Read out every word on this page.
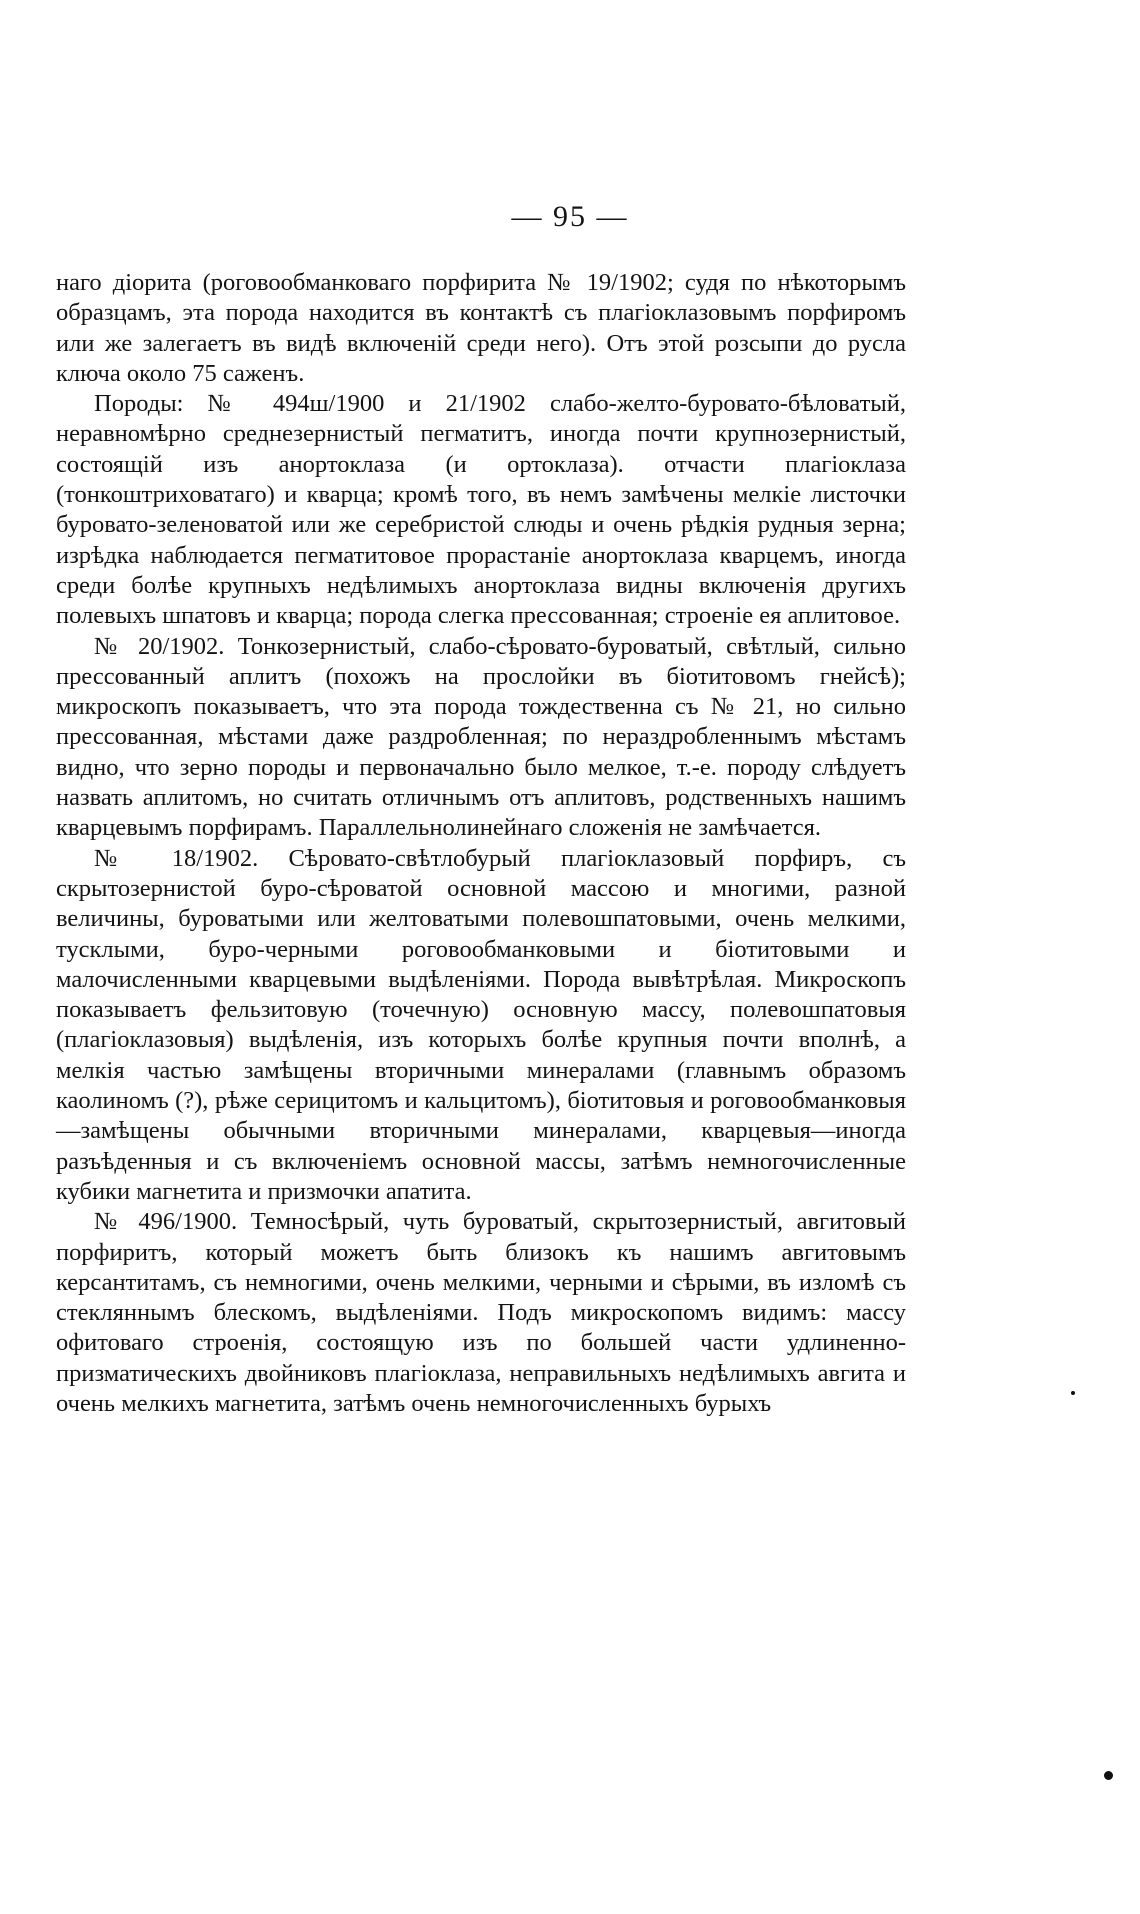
— 95 —

наго діорита (роговообманковаго порфирита № 19/1902; судя по нѣкоторымъ образцамъ, эта порода находится въ контактѣ съ плагіоклазовымъ порфиромъ или же залегаетъ въ видѣ включеній среди него). Отъ этой розсыпи до русла ключа около 75 саженъ.

Породы: № 494ш/1900 и 21/1902 слабо-желто-буровато-бѣловатый, неравномѣрно среднезернистый пегматитъ, иногда почти крупнозернистый, состоящій изъ анортоклаза (и ортоклаза). отчасти плагіоклаза (тонкоштриховатаго) и кварца; кромѣ того, въ немъ замѣчены мелкіе листочки буровато-зеленоватой или же серебристой слюды и очень рѣдкія рудныя зерна; изрѣдка наблюдается пегматитовое прорастаніе анортоклаза кварцемъ, иногда среди болѣе крупныхъ недѣлимыхъ анортоклаза видны включенія другихъ полевыхъ шпатовъ и кварца; порода слегка прессованная; строеніе ея аплитовое.

№ 20/1902. Тонкозернистый, слабо-сѣровато-буроватый, свѣтлый, сильно прессованный аплитъ (похожъ на прослойки въ біотитовомъ гнейсѣ); микроскопъ показываетъ, что эта порода тождественна съ № 21, но сильно прессованная, мѣстами даже раздробленная; по нераздробленнымъ мѣстамъ видно, что зерно породы и первоначально было мелкое, т.-е. породу слѣдуетъ назвать аплитомъ, но считать отличнымъ отъ аплитовъ, родственныхъ нашимъ кварцевымъ порфирамъ. Параллельнолинейнаго сложенія не замѣчается.

№ 18/1902. Сѣровато-свѣтлобурый плагіоклазовый порфиръ, съ скрытозернистой буро-сѣроватой основной массою и многими, разной величины, буроватыми или желтоватыми полевошпатовыми, очень мелкими, тусклыми, буро-черными роговообманковыми и біотитовыми и малочисленными кварцевыми выдѣленіями. Порода вывѣтрѣлая. Микроскопъ показываетъ фельзитовую (точечную) основную массу, полевошпатовыя (плагіоклазовыя) выдѣленія, изъ которыхъ болѣе крупныя почти вполнѣ, а мелкія частью замѣщены вторичными минералами (главнымъ образомъ каолиномъ (?), рѣже серицитомъ и кальцитомъ), біотитовыя и роговообманковыя—замѣщены обычными вторичными минералами, кварцевыя—иногда разъѣденныя и съ включеніемъ основной массы, затѣмъ немногочисленные кубики магнетита и призмочки апатита.

№ 496/1900. Темносѣрый, чуть буроватый, скрытозернистый, авгитовый порфиритъ, который можетъ быть близокъ къ нашимъ авгитовымъ керсантитамъ, съ немногими, очень мелкими, черными и сѣрыми, въ изломѣ съ стекляннымъ блескомъ, выдѣленіями. Подъ микроскопомъ видимъ: массу офитоваго строенія, состоящую изъ по большей части удлиненно-призматическихъ двойниковъ плагіоклаза, неправильныхъ недѣлимыхъ авгита и очень мелкихъ магнетита, затѣмъ очень немногочисленныхъ бурыхъ
